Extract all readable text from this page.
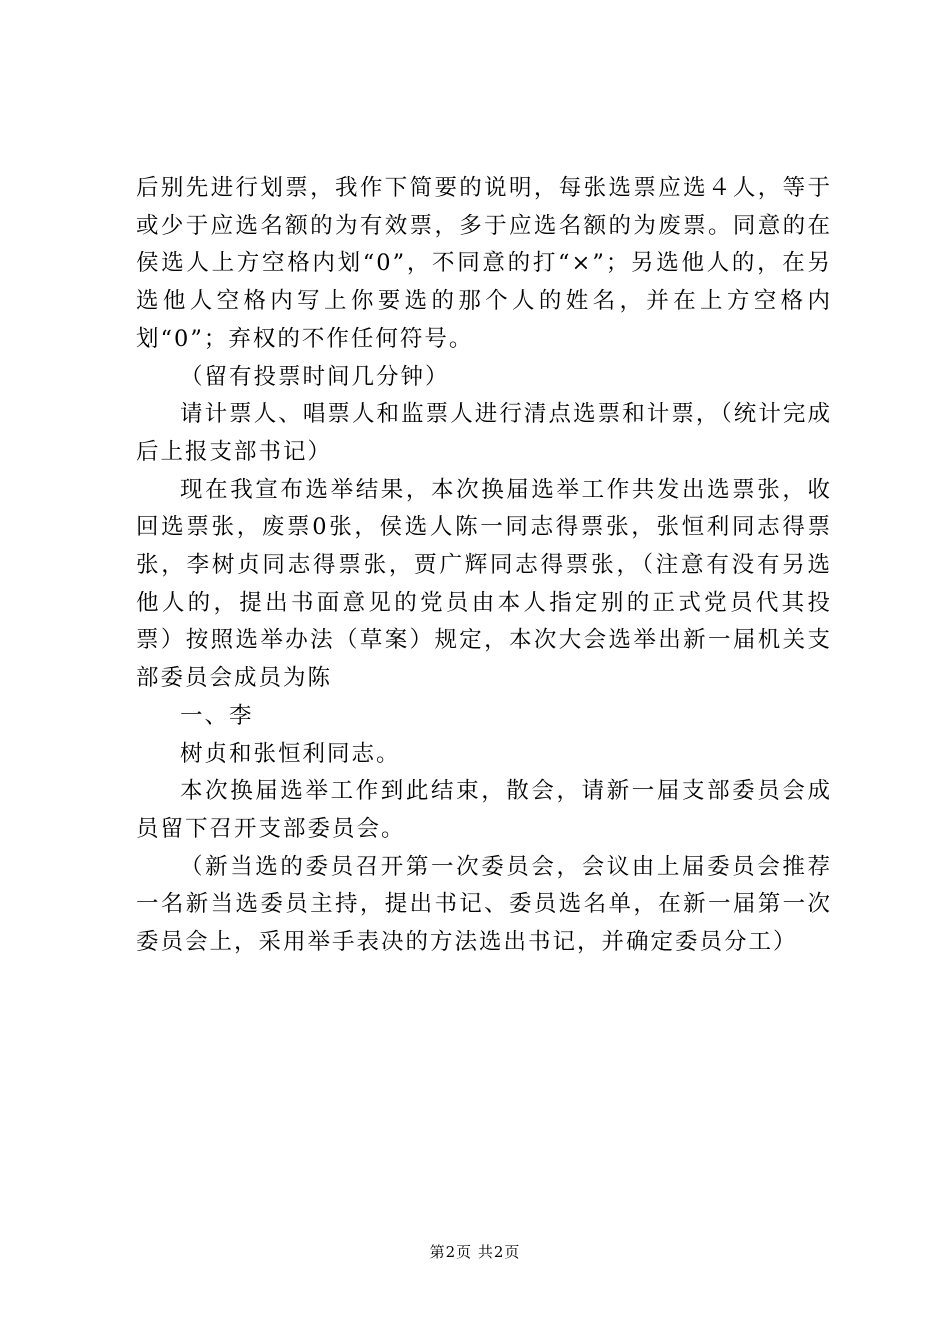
后别先进行划票，我作下简要的说明，每张选票应选４人，等于或少于应选名额的为有效票，多于应选名额的为废票。同意的在侯选人上方空格内划“0”，不同意的打“×”；另选他人的，在另选他人空格内写上你要选的那个人的姓名，并在上方空格内划“0”；弃权的不作任何符号。

（留有投票时间几分钟）

请计票人、唱票人和监票人进行清点选票和计票，（统计完成后上报支部书记）

现在我宣布选举结果，本次换届选举工作共发出选票张，收回选票张，废票0张，侯选人陈一同志得票张，张恒利同志得票张，李树贞同志得票张，贾广辉同志得票张，（注意有没有另选他人的，提出书面意见的党员由本人指定别的正式党员代其投票）按照选举办法（草案）规定，本次大会选举出新一届机关支部委员会成员为陈

一、李

树贞和张恒利同志。

本次换届选举工作到此结束，散会，请新一届支部委员会成员留下召开支部委员会。

（新当选的委员召开第一次委员会，会议由上届委员会推荐一名新当选委员主持，提出书记、委员选名单，在新一届第一次委员会上，采用举手表决的方法选出书记，并确定委员分工）

第2页 共2页
